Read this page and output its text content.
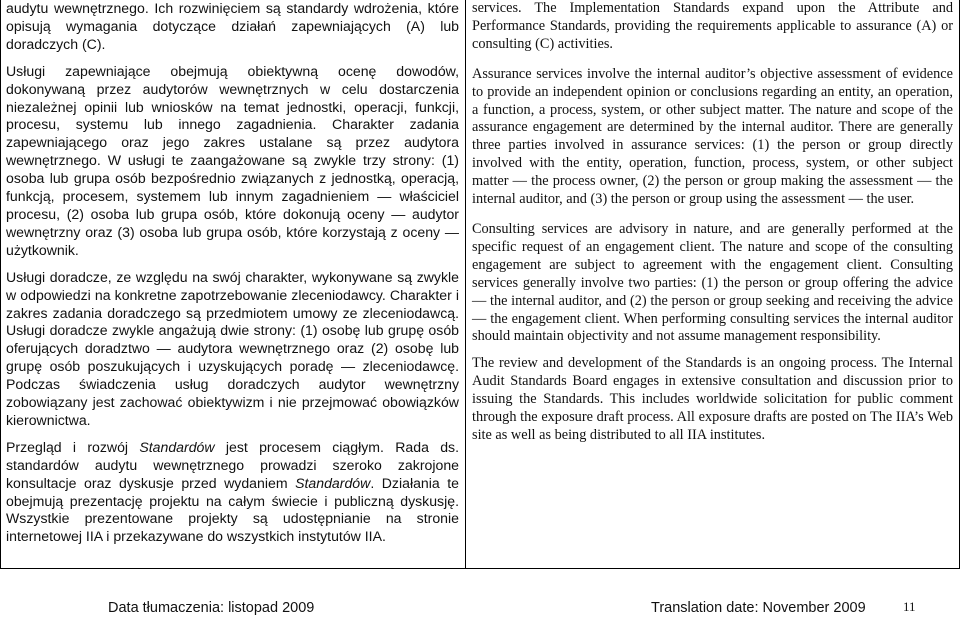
audytu wewnętrznego. Ich rozwinięciem są standardy wdrożenia, które opisują wymagania dotyczące działań zapewniających (A) lub doradczych (C).

Usługi zapewniające obejmują obiektywną ocenę dowodów, dokonywaną przez audytorów wewnętrznych w celu dostarczenia niezależnej opinii lub wniosków na temat jednostki, operacji, funkcji, procesu, systemu lub innego zagadnienia. Charakter zadania zapewniającego oraz jego zakres ustalane są przez audytora wewnętrznego. W usługi te zaangażowane są zwykle trzy strony: (1) osoba lub grupa osób bezpośrednio związanych z jednostką, operacją, funkcją, procesem, systemem lub innym zagadnieniem — właściciel procesu, (2) osoba lub grupa osób, które dokonują oceny — audytor wewnętrzny oraz (3) osoba lub grupa osób, które korzystają z oceny — użytkownik.

Usługi doradcze, ze względu na swój charakter, wykonywane są zwykle w odpowiedzi na konkretne zapotrzebowanie zleceniodawcy. Charakter i zakres zadania doradczego są przedmiotem umowy ze zleceniodawcą. Usługi doradcze zwykle angażują dwie strony: (1) osobę lub grupę osób oferujących doradztwo — audytora wewnętrznego oraz (2) osobę lub grupę osób poszukujących i uzyskujących poradę — zleceniodawcę. Podczas świadczenia usług doradczych audytor wewnętrzny zobowiązany jest zachować obiektywizm i nie przejmować obowiązków kierownictwa.

Przegląd i rozwój Standardów jest procesem ciągłym. Rada ds. standardów audytu wewnętrznego prowadzi szeroko zakrojone konsultacje oraz dyskusje przed wydaniem Standardów. Działania te obejmują prezentację projektu na całym świecie i publiczną dyskusję. Wszystkie prezentowane projekty są udostępnianie na stronie internetowej IIA i przekazywane do wszystkich instytutów IIA.

services. The Implementation Standards expand upon the Attribute and Performance Standards, providing the requirements applicable to assurance (A) or consulting (C) activities.

Assurance services involve the internal auditor’s objective assessment of evidence to provide an independent opinion or conclusions regarding an entity, an operation, a function, a process, system, or other subject matter. The nature and scope of the assurance engagement are determined by the internal auditor. There are generally three parties involved in assurance services: (1) the person or group directly involved with the entity, operation, function, process, system, or other subject matter — the process owner, (2) the person or group making the assessment — the internal auditor, and (3) the person or group using the assessment — the user.

Consulting services are advisory in nature, and are generally performed at the specific request of an engagement client. The nature and scope of the consulting engagement are subject to agreement with the engagement client. Consulting services generally involve two parties: (1) the person or group offering the advice — the internal auditor, and (2) the person or group seeking and receiving the advice — the engagement client. When performing consulting services the internal auditor should maintain objectivity and not assume management responsibility.

The review and development of the Standards is an ongoing process. The Internal Audit Standards Board engages in extensive consultation and discussion prior to issuing the Standards. This includes worldwide solicitation for public comment through the exposure draft process. All exposure drafts are posted on The IIA’s Web site as well as being distributed to all IIA institutes.

Data tłumaczenia: listopad 2009	Translation date: November 2009	11
